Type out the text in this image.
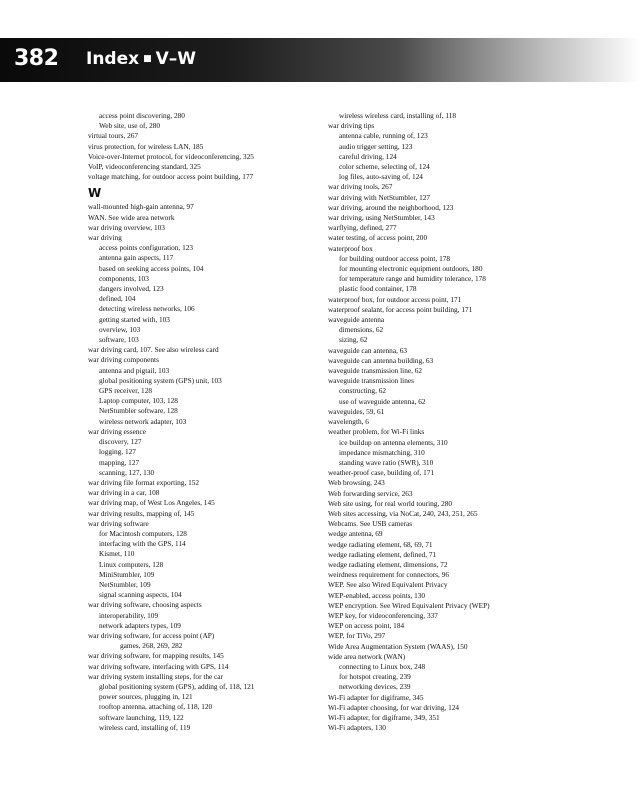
382 Index ■ V–W
access point discovering, 280
Web site, use of, 280
virtual tours, 267
virus protection, for wireless LAN, 185
Voice-over-Internet protocol, for videoconferencing, 325
VoIP, videoconferencing standard, 325
voltage matching, for outdoor access point building, 177
W
wall-mounted high-gain antenna, 97
WAN. See wide area network
war driving overview, 103
war driving
access points configuration, 123
antenna gain aspects, 117
based on seeking access points, 104
components, 103
dangers involved, 123
defined, 104
detecting wireless networks, 106
getting started with, 103
overview, 103
software, 103
war driving card, 107. See also wireless card
war driving components
antenna and pigtail, 103
global positioning system (GPS) unit, 103
GPS receiver, 128
Laptop computer, 103, 128
NetStumbler software, 128
wireless network adapter, 103
war driving essence
discovery, 127
logging, 127
mapping, 127
scanning, 127, 130
war driving file format exporting, 152
war driving in a car, 108
war driving map, of West Los Angeles, 145
war driving results, mapping of, 145
war driving software
for Macintosh computers, 128
interfacing with the GPS, 114
Kismet, 110
Linux computers, 128
MiniStumbler, 109
NetStumbler, 109
signal scanning aspects, 104
war driving software, choosing aspects
interoperability, 109
network adapters types, 109
war driving software, for access point (AP)
games, 268, 269, 282
war driving software, for mapping results, 145
war driving software, interfacing with GPS, 114
war driving system installing steps, for the car
global positioning system (GPS), adding of, 118, 121
power sources, plugging in, 121
rooftop antenna, attaching of, 118, 120
software launching, 119, 122
wireless card, installing of, 119
wireless wireless card, installing of, 118
war driving tips
antenna cable, running of, 123
audio trigger setting, 123
careful driving, 124
color scheme, selecting of, 124
log files, auto-saving of, 124
war driving tools, 267
war driving with NetStumbler, 127
war driving, around the neighborhood, 123
war driving, using NetStumbler, 143
warflying, defined, 277
water testing, of access point, 200
waterproof box
for building outdoor access point, 178
for mounting electronic equipment outdoors, 180
for temperature range and humidity tolerance, 178
plastic food container, 178
waterproof box, for outdoor access point, 171
waterproof sealant, for access point building, 171
waveguide antenna
dimensions, 62
sizing, 62
waveguide can antenna, 63
waveguide can antenna building, 63
waveguide transmission line, 62
waveguide transmission lines
constructing, 62
use of waveguide antenna, 62
waveguides, 59, 61
wavelength, 6
weather problem, for Wi-Fi links
ice buildup on antenna elements, 310
impedance mismatching, 310
standing wave ratio (SWR), 310
weather-proof case, building of, 171
Web browsing, 243
Web forwarding service, 263
Web site using, for real world touring, 280
Web sites accessing, via NoCat, 240, 243, 251, 265
Webcams. See USB cameras
wedge antenna, 69
wedge radiating element, 68, 69, 71
wedge radiating element, defined, 71
wedge radiating element, dimensions, 72
weirdness requirement for connectors, 96
WEP. See also Wired Equivalent Privacy
WEP-enabled, access points, 130
WEP encryption. See Wired Equivalent Privacy (WEP)
WEP key, for videoconferencing, 337
WEP on access point, 184
WEP, for TiVo, 297
Wide Area Augmentation System (WAAS), 150
wide area network (WAN)
connecting to Linux box, 248
for hotspot creating, 239
networking devices, 239
Wi-Fi adapter for digiframe, 345
Wi-Fi adapter choosing, for war driving, 124
Wi-Fi adapter, for digiframe, 349, 351
Wi-Fi adapters, 130
